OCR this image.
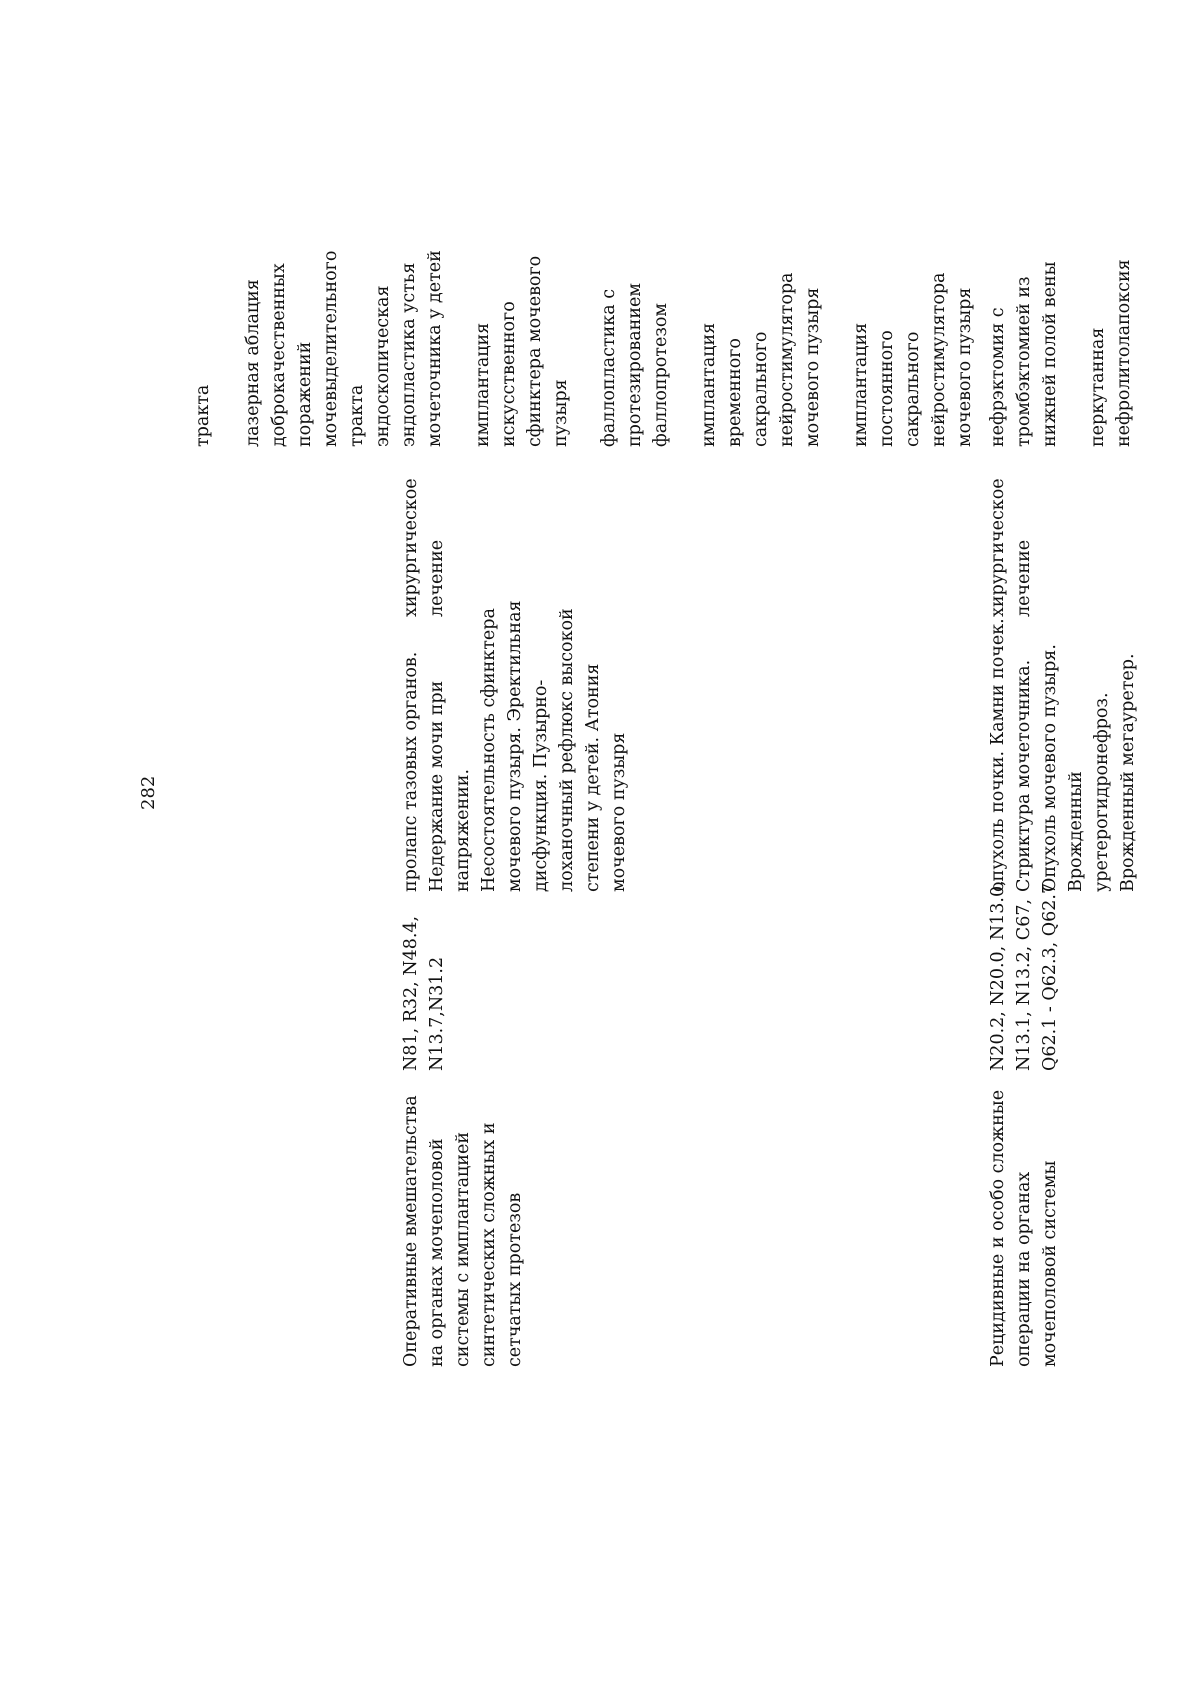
282
Оперативные вмешательства на органах мочеполовой системы с имплантацией синтетических сложных и сетчатых протезов
N81, R32, N48.4, N13.7,N31.2
пролапс тазовых органов. Недержание мочи при напряжении. Несостоятельность сфинктера мочевого пузыря. Эректильная дисфункция. Пузырно- лоханочный рефлюкс высокой степени у детей. Атония мочевого пузыря
хирургическое лечение
тракта лазерная аблация доброкачественных поражений мочевыделительного тракта эндоскопическая эндопластика устья мочеточника у детей имплантация искусственного сфинктера мочевого пузыря фаллопластика с протезированием фаллопротезом имплантация временного сакрального нейростимулятора мочевого пузыря имплантация постоянного сакрального нейростимулятора мочевого пузыря
Рецидивные и особо сложные операции на органах мочеполовой системы
N20.2, N20.0, N13.0, N13.1, N13.2, C67, Q62.1 - Q62.3, Q62.7
опухоль почки. Камни почек. Стриктура мочеточника. Опухоль мочевого пузыря. Врожденный уретерогидронефроз. Врожденный мегауретер.
хирургическое лечение
нефрэктомия с тромбэктомией из нижней полой вены перкутанная нефролитолапоксия
